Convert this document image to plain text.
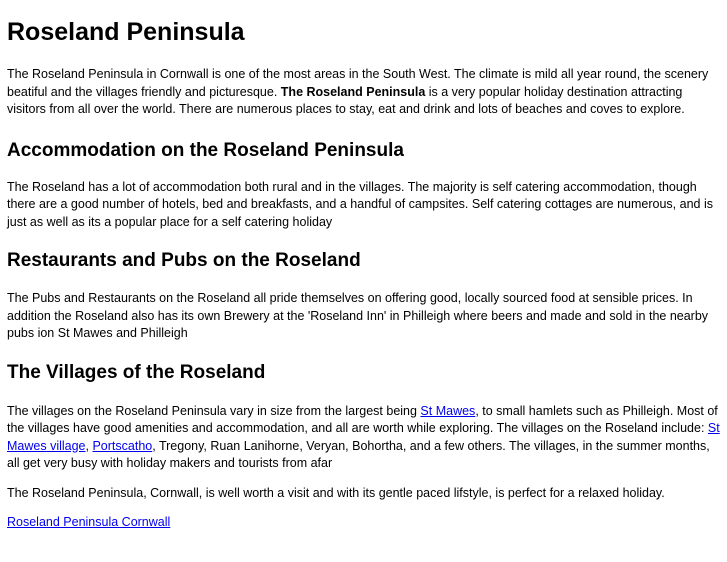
Roseland Peninsula

The Roseland Peninsula in Cornwall is one of the most areas in the South West. The climate is mild all year round, the scenery beatiful and the villages friendly and picturesque. The Roseland Peninsula is a very popular holiday destination attracting visitors from all over the world. There are numerous places to stay, eat and drink and lots of beaches and coves to explore.

Accommodation on the Roseland Peninsula

The Roseland has a lot of accommodation both rural and in the villages. The majority is self catering accommodation, though there are a good number of hotels, bed and breakfasts, and a handful of campsites. Self catering cottages are numerous, and is just as well as its a popular place for a self catering holiday

Restaurants and Pubs on the Roseland

The Pubs and Restaurants on the Roseland all pride themselves on offering good, locally sourced food at sensible prices. In addition the Roseland also has its own Brewery at the 'Roseland Inn' in Philleigh where beers and made and sold in the nearby pubs ion St Mawes and Philleigh

The Villages of the Roseland

The villages on the Roseland Peninsula vary in size from the largest being St Mawes, to small hamlets such as Philleigh. Most of the villages have good amenities and accommodation, and all are worth while exploring. The villages on the Roseland include: St Mawes village, Portscatho, Tregony, Ruan Lanihorne, Veryan, Bohortha, and a few others. The villages, in the summer months, all get very busy with holiday makers and tourists from afar

The Roseland Peninsula, Cornwall, is well worth a visit and with its gentle paced lifstyle, is perfect for a relaxed holiday.

Roseland Peninsula Cornwall
